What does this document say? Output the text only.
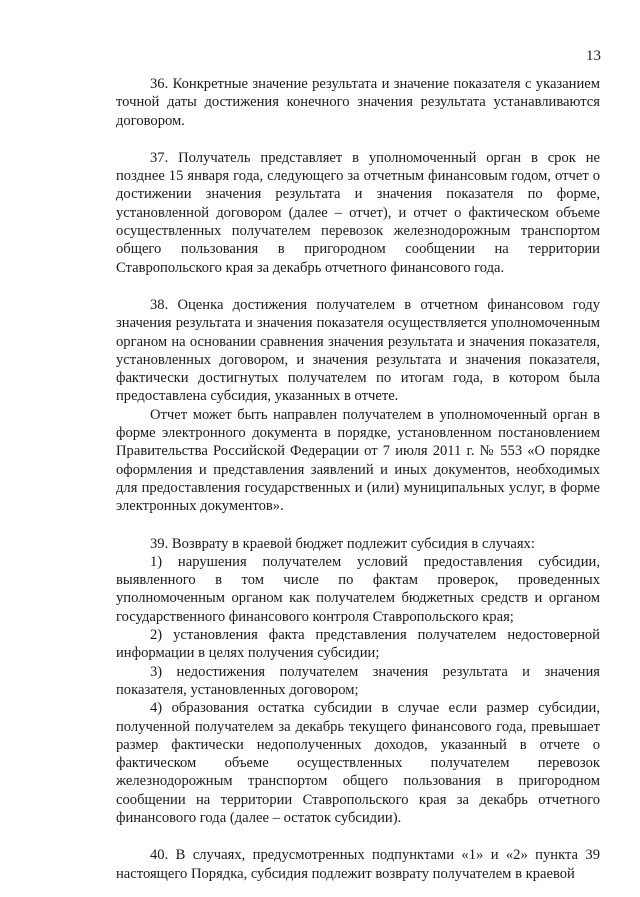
13

36. Конкретные значение результата и значение показателя с указанием точной даты достижения конечного значения результата устанавливаются договором.

37. Получатель представляет в уполномоченный орган в срок не позднее 15 января года, следующего за отчетным финансовым годом, отчет о достижении значения результата и значения показателя по форме, установленной договором (далее – отчет), и отчет о фактическом объеме осуществленных получателем перевозок железнодорожным транспортом общего пользования в пригородном сообщении на территории Ставропольского края за декабрь отчетного финансового года.

38. Оценка достижения получателем в отчетном финансовом году значения результата и значения показателя осуществляется уполномоченным органом на основании сравнения значения результата и значения показателя, установленных договором, и значения результата и значения показателя, фактически достигнутых получателем по итогам года, в котором была предоставлена субсидия, указанных в отчете.

Отчет может быть направлен получателем в уполномоченный орган в форме электронного документа в порядке, установленном постановлением Правительства Российской Федерации от 7 июля 2011 г. № 553 «О порядке оформления и представления заявлений и иных документов, необходимых для предоставления государственных и (или) муниципальных услуг, в форме электронных документов».

39. Возврату в краевой бюджет подлежит субсидия в случаях:

1) нарушения получателем условий предоставления субсидии, выявленного в том числе по фактам проверок, проведенных уполномоченным органом как получателем бюджетных средств и органом государственного финансового контроля Ставропольского края;

2) установления факта представления получателем недостоверной информации в целях получения субсидии;

3) недостижения получателем значения результата и значения показателя, установленных договором;

4) образования остатка субсидии в случае если размер субсидии, полученной получателем за декабрь текущего финансового года, превышает размер фактически недополученных доходов, указанный в отчете о фактическом объеме осуществленных получателем перевозок железнодорожным транспортом общего пользования в пригородном сообщении на территории Ставропольского края за декабрь отчетного финансового года (далее – остаток субсидии).

40. В случаях, предусмотренных подпунктами «1» и «2» пункта 39 настоящего Порядка, субсидия подлежит возврату получателем в краевой
